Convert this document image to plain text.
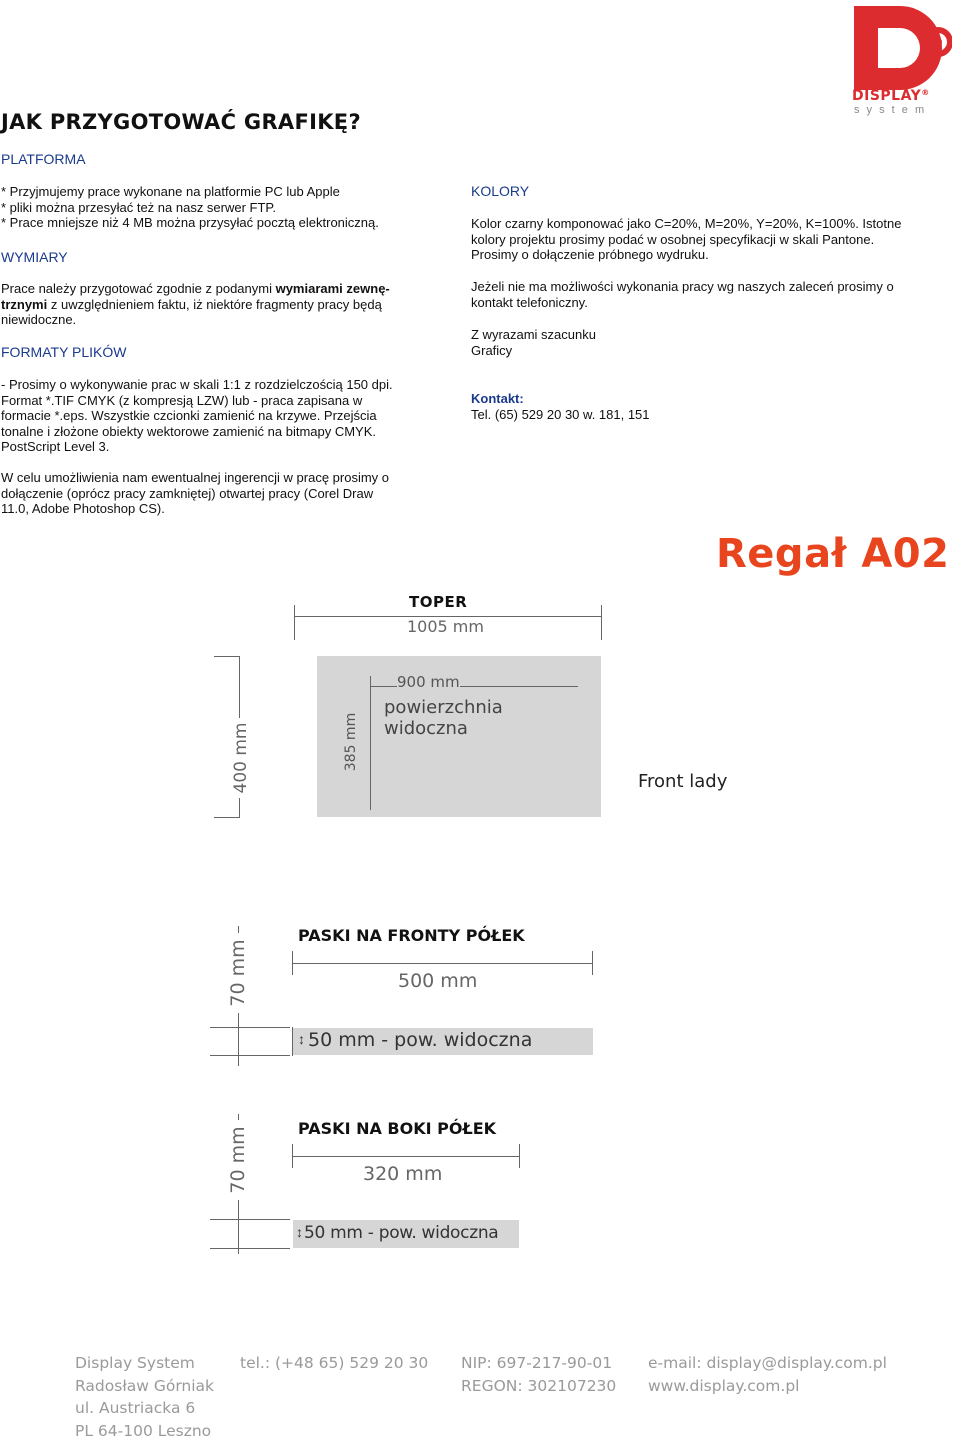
DISPLAY®
s y s t e m
JAK PRZYGOTOWAĆ GRAFIKĘ?
PLATFORMA

* Przyjmujemy prace wykonane na platformie PC lub Apple

* pliki można przesyłać też na nasz serwer FTP.

* Prace mniejsze niż 4 MB można przysyłać pocztą elektroniczną.

WYMIARY

Prace należy przygotować zgodnie z podanymi wymiarami zewnę-

trznymi z uwzględnieniem faktu, iż niektóre fragmenty pracy będą

niewidoczne.

FORMATY PLIKÓW

- Prosimy o wykonywanie prac w skali 1:1 z rozdzielczością 150 dpi.

Format *.TIF CMYK (z kompresją LZW) lub - praca zapisana w

formacie *.eps. Wszystkie czcionki zamienić na krzywe. Przejścia

tonalne i złożone obiekty wektorowe zamienić na bitmapy CMYK.

PostScript Level 3.

W celu umożliwienia nam ewentualnej ingerencji w pracę prosimy o

dołączenie (oprócz pracy zamkniętej) otwartej pracy (Corel Draw

11.0, Adobe Photoshop CS).

KOLORY

Kolor czarny komponować jako C=20%, M=20%, Y=20%, K=100%. Istotne

kolory projektu prosimy podać w osobnej specyfikacji w skali Pantone.

Prosimy o dołączenie próbnego wydruku.

Jeżeli nie ma możliwości wykonania pracy wg naszych zaleceń prosimy o

kontakt telefoniczny.

Z wyrazami szacunku

Graficy

Kontakt:
Tel. (65) 529 20 30 w. 181, 151
Regał A02
TOPER
1005 mm
400 mm
900 mm
385 mm
powierzchnia
widoczna
Front lady
70 mm
PASKI NA FRONTY PÓŁEK
500 mm
↕ 50 mm - pow. widoczna
70 mm	PASKI NA BOKI PÓŁEK
320 mm
↕ 50 mm - pow. widoczna
Display System
Radosław Górniak
ul. Austriacka 6
PL 64-100 Leszno
tel.: (+48 65) 529 20 30 NIP: 697-217-90-01
REGON: 302107230
e-mail: display@display.com.pl
www.display.com.pl
